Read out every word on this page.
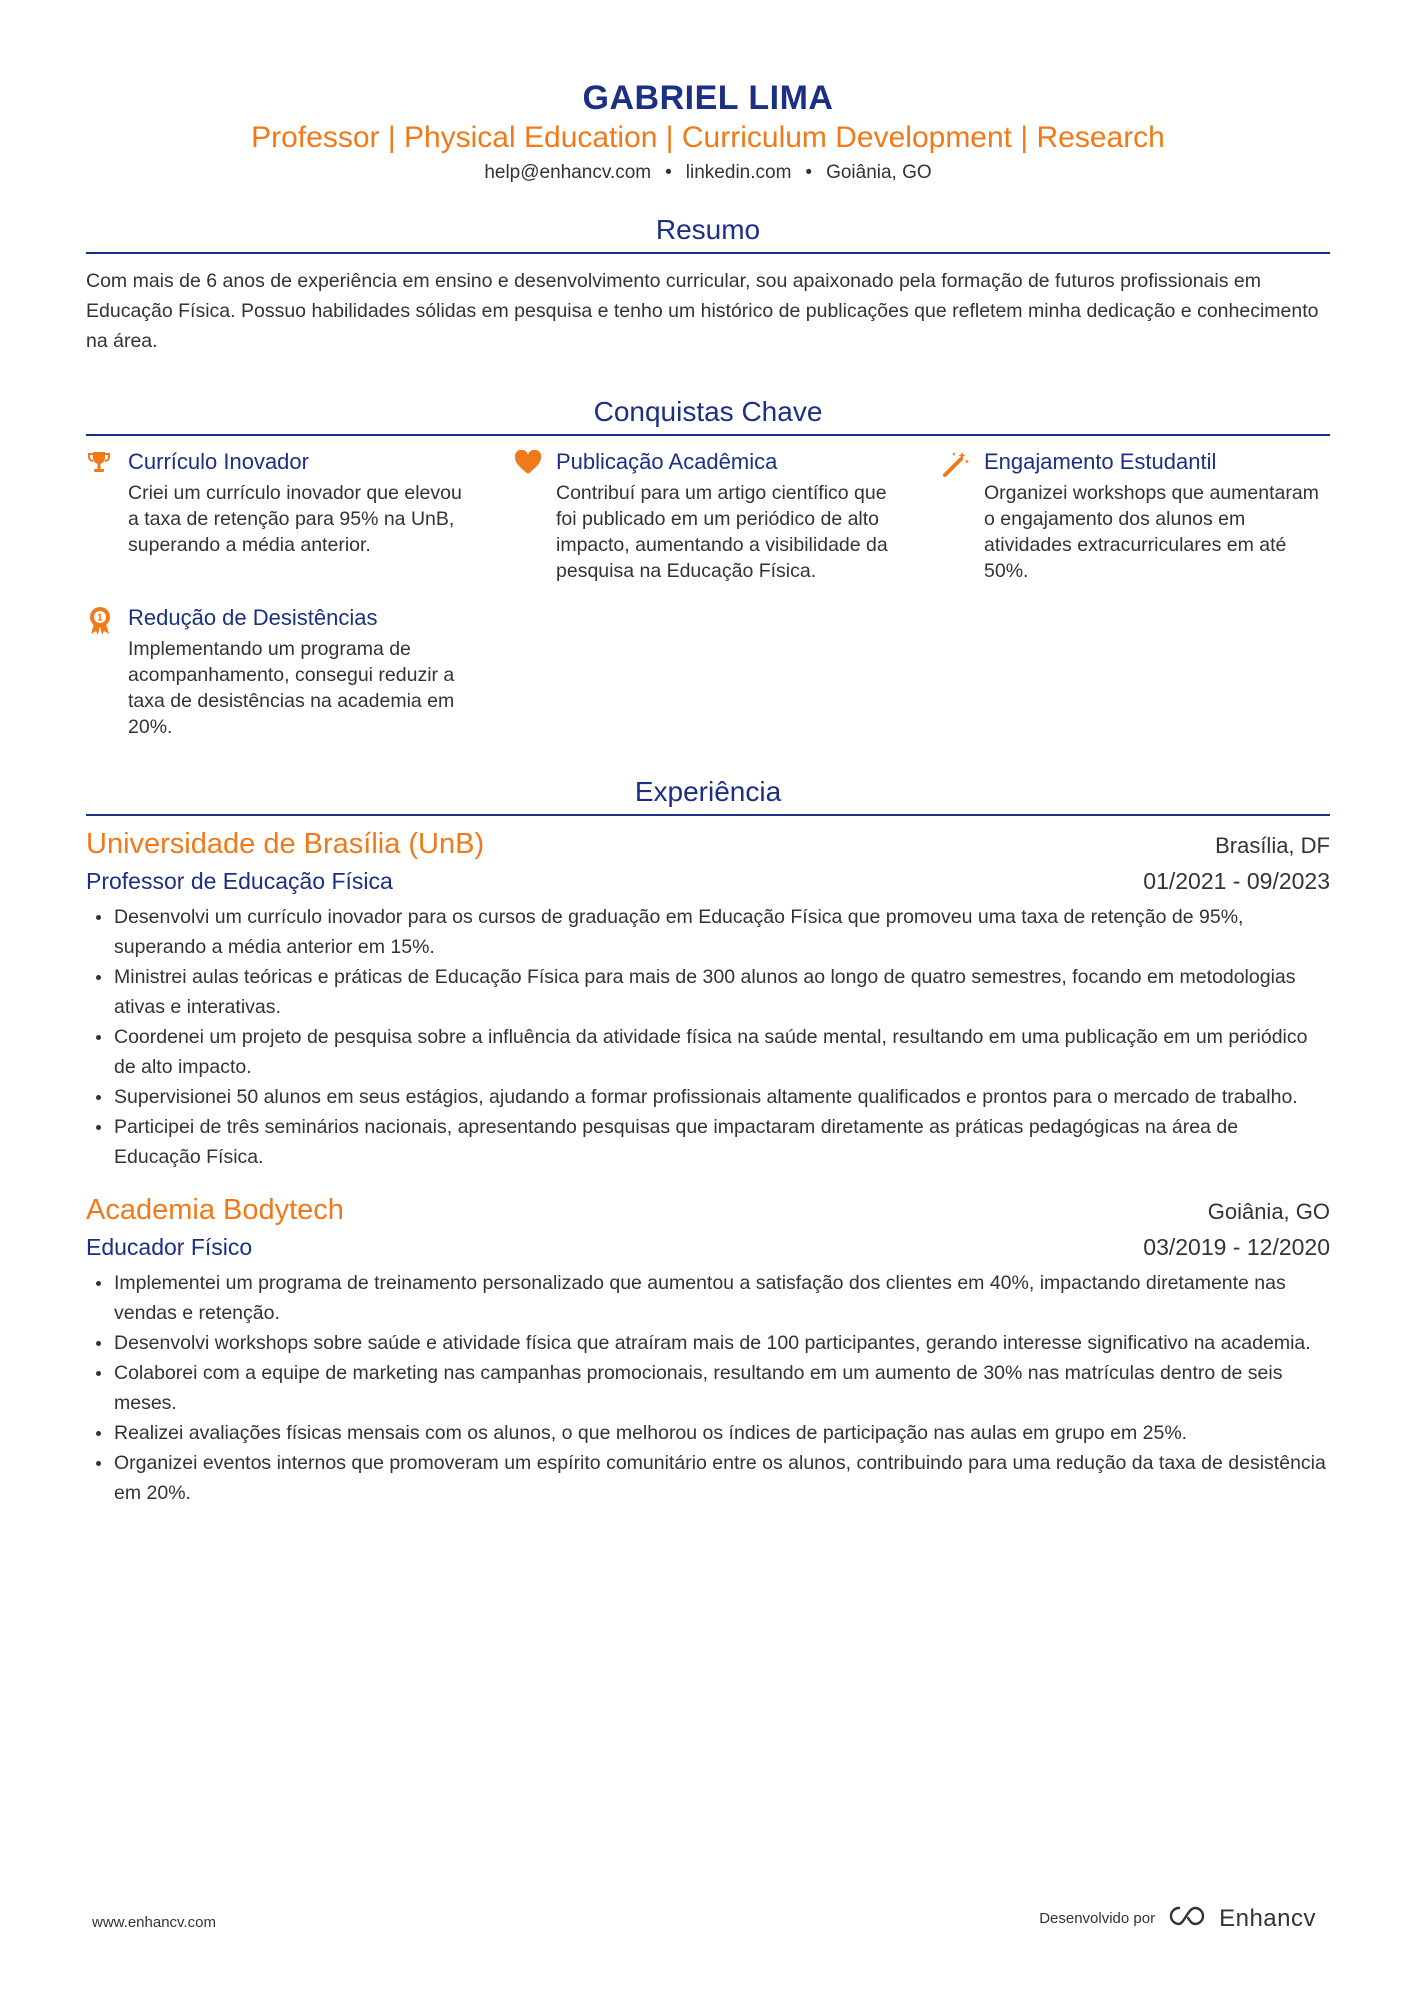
GABRIEL LIMA
Professor | Physical Education | Curriculum Development | Research
help@enhancv.com • linkedin.com • Goiânia, GO
Resumo
Com mais de 6 anos de experiência em ensino e desenvolvimento curricular, sou apaixonado pela formação de futuros profissionais em Educação Física. Possuo habilidades sólidas em pesquisa e tenho um histórico de publicações que refletem minha dedicação e conhecimento na área.
Conquistas Chave
Currículo Inovador
Criei um currículo inovador que elevou a taxa de retenção para 95% na UnB, superando a média anterior.
Publicação Acadêmica
Contribuí para um artigo científico que foi publicado em um periódico de alto impacto, aumentando a visibilidade da pesquisa na Educação Física.
Engajamento Estudantil
Organizei workshops que aumentaram o engajamento dos alunos em atividades extracurriculares em até 50%.
1 Redução de Desistências
Implementando um programa de acompanhamento, consegui reduzir a taxa de desistências na academia em 20%.
Experiência
Universidade de Brasília (UnB)	Brasília, DF
Professor de Educação Física	01/2021 - 09/2023
Desenvolvi um currículo inovador para os cursos de graduação em Educação Física que promoveu uma taxa de retenção de 95%, superando a média anterior em 15%.
Ministrei aulas teóricas e práticas de Educação Física para mais de 300 alunos ao longo de quatro semestres, focando em metodologias ativas e interativas.
Coordenei um projeto de pesquisa sobre a influência da atividade física na saúde mental, resultando em uma publicação em um periódico de alto impacto.
Supervisionei 50 alunos em seus estágios, ajudando a formar profissionais altamente qualificados e prontos para o mercado de trabalho.
Participei de três seminários nacionais, apresentando pesquisas que impactaram diretamente as práticas pedagógicas na área de Educação Física.
Academia Bodytech	Goiânia, GO
Educador Físico	03/2019 - 12/2020
Implementei um programa de treinamento personalizado que aumentou a satisfação dos clientes em 40%, impactando diretamente nas vendas e retenção.
Desenvolvi workshops sobre saúde e atividade física que atraíram mais de 100 participantes, gerando interesse significativo na academia.
Colaborei com a equipe de marketing nas campanhas promocionais, resultando em um aumento de 30% nas matrículas dentro de seis meses.
Realizei avaliações físicas mensais com os alunos, o que melhorou os índices de participação nas aulas em grupo em 25%.
Organizei eventos internos que promoveram um espírito comunitário entre os alunos, contribuindo para uma redução da taxa de desistência em 20%.
www.enhancv.com	Desenvolvido por	Enhancv
